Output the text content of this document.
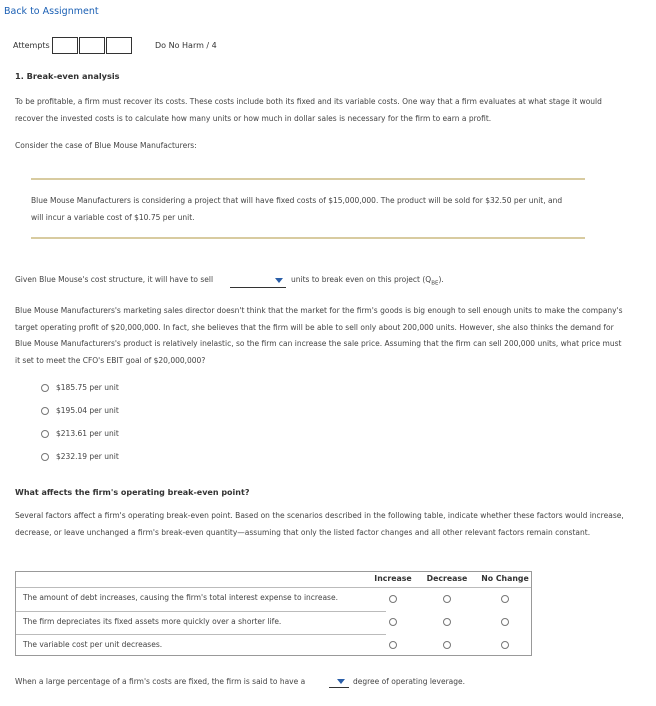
Back to Assignment
Attempts	Do No Harm / 4
1. Break-even analysis
To be profitable, a firm must recover its costs. These costs include both its fixed and its variable costs. One way that a firm evaluates at what stage it would recover the invested costs is to calculate how many units or how much in dollar sales is necessary for the firm to earn a profit.
Consider the case of Blue Mouse Manufacturers:
Blue Mouse Manufacturers is considering a project that will have fixed costs of $15,000,000. The product will be sold for $32.50 per unit, and will incur a variable cost of $10.75 per unit.
Given Blue Mouse's cost structure, it will have to sell	units to break even on this project $(Q_{BE})$.
Blue Mouse Manufacturers's marketing sales director doesn't think that the market for the firm's goods is big enough to sell enough units to make the company's target operating profit of $20,000,000. In fact, she believes that the firm will be able to sell only about 200,000 units. However, she also thinks the demand for Blue Mouse Manufacturers's product is relatively inelastic, so the firm can increase the sale price. Assuming that the firm can sell 200,000 units, what price must it set to meet the CFO's EBIT goal of $20,000,000?
$185.75 per unit
$195.04 per unit
$213.61 per unit
$232.19 per unit
What affects the firm's operating break-even point?
Several factors affect a firm's operating break-even point. Based on the scenarios described in the following table, indicate whether these factors would increase, decrease, or leave unchanged a firm's break-even quantity—assuming that only the listed factor changes and all other relevant factors remain constant.
Increase	Decrease	No Change
The amount of debt increases, causing the firm's total interest expense to increase.
The firm depreciates its fixed assets more quickly over a shorter life.
The variable cost per unit decreases.
When a large percentage of a firm's costs are fixed, the firm is said to have a	degree of operating leverage.
